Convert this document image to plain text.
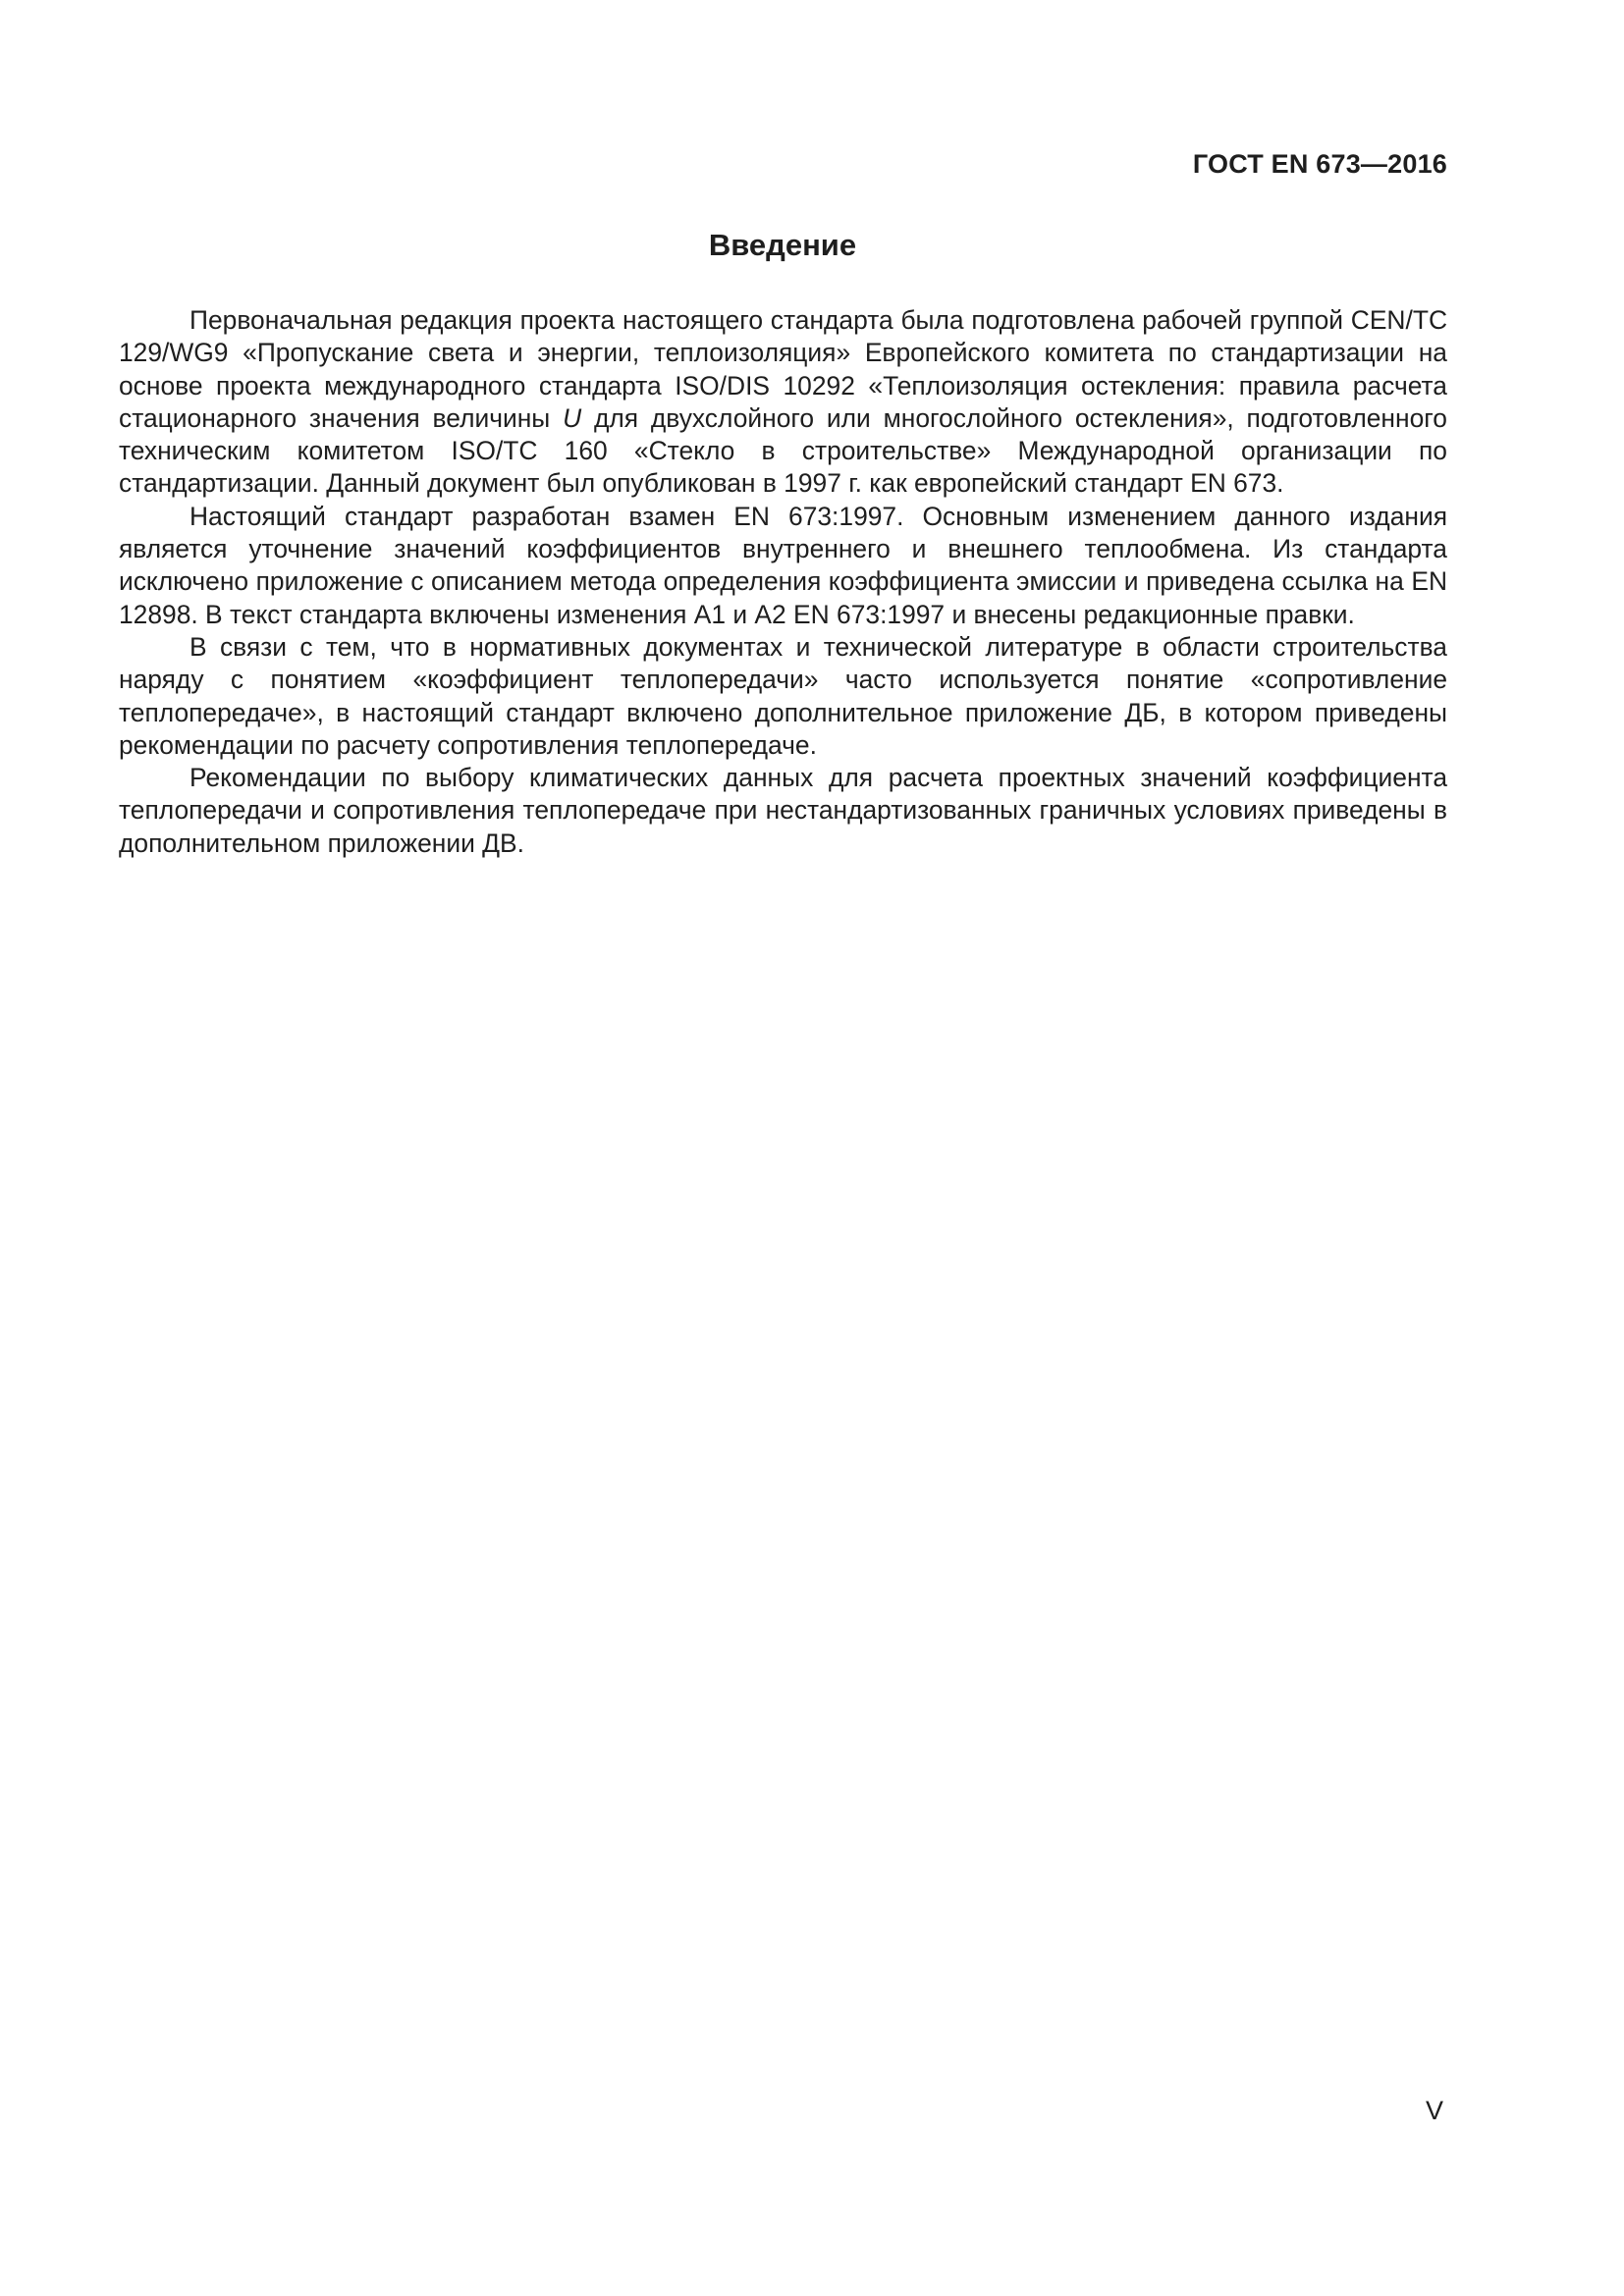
ГОСТ EN 673—2016
Введение

Первоначальная редакция проекта настоящего стандарта была подготовлена рабочей группой CEN/TC 129/WG9 «Пропускание света и энергии, теплоизоляция» Европейского комитета по стандартизации на основе проекта международного стандарта ISO/DIS 10292 «Теплоизоляция остекления: правила расчета стационарного значения величины U для двухслойного или многослойного остекления», подготовленного техническим комитетом ISO/TC 160 «Стекло в строительстве» Международной организации по стандартизации. Данный документ был опубликован в 1997 г. как европейский стандарт EN 673.

Настоящий стандарт разработан взамен EN 673:1997. Основным изменением данного издания является уточнение значений коэффициентов внутреннего и внешнего теплообмена. Из стандарта исключено приложение с описанием метода определения коэффициента эмиссии и приведена ссылка на EN 12898. В текст стандарта включены изменения А1 и А2 EN 673:1997 и внесены редакционные правки.

В связи с тем, что в нормативных документах и технической литературе в области строительства наряду с понятием «коэффициент теплопередачи» часто используется понятие «сопротивление теплопередаче», в настоящий стандарт включено дополнительное приложение ДБ, в котором приведены рекомендации по расчету сопротивления теплопередаче.

Рекомендации по выбору климатических данных для расчета проектных значений коэффициента теплопередачи и сопротивления теплопередаче при нестандартизованных граничных условиях приведены в дополнительном приложении ДВ.

V
